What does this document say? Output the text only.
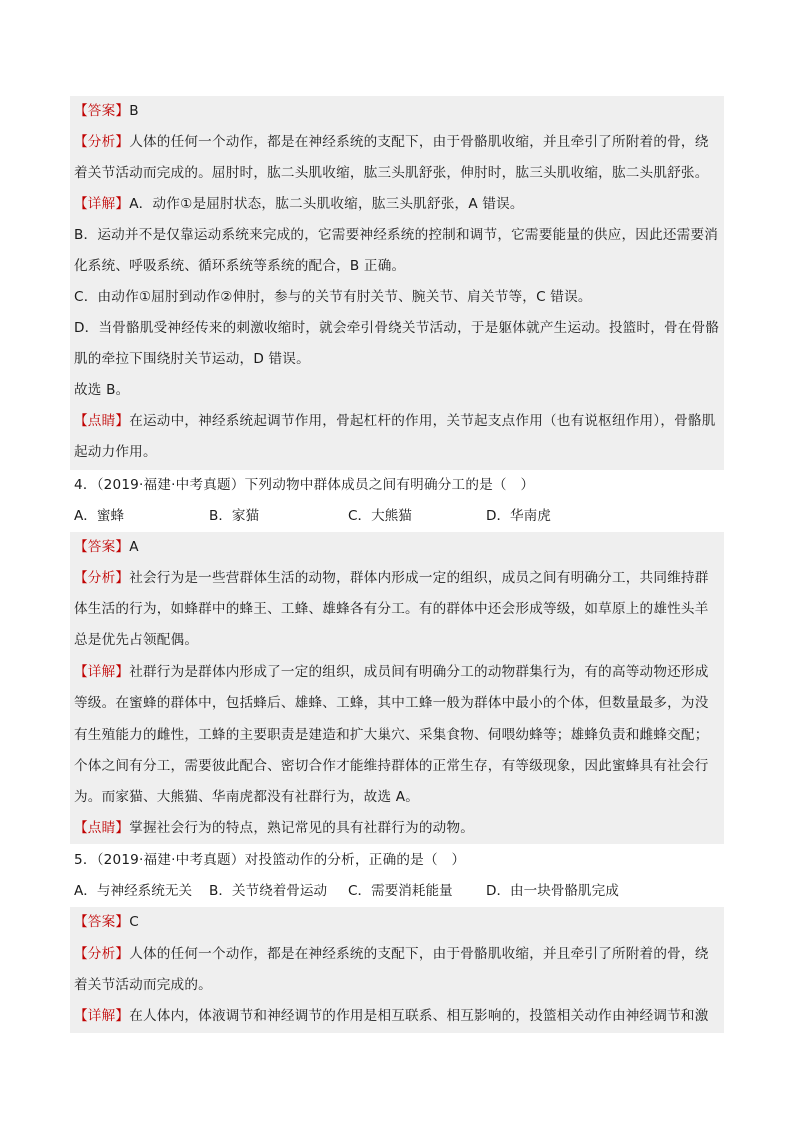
【答案】B
【分析】人体的任何一个动作，都是在神经系统的支配下，由于骨骼肌收缩，并且牵引了所附着的骨，绕
着关节活动而完成的。屈肘时，肱二头肌收缩，肱三头肌舒张，伸肘时，肱三头肌收缩，肱二头肌舒张。
【详解】A．动作①是屈肘状态，肱二头肌收缩，肱三头肌舒张，A 错误。
B．运动并不是仅靠运动系统来完成的，它需要神经系统的控制和调节，它需要能量的供应，因此还需要消
化系统、呼吸系统、循环系统等系统的配合，B 正确。
C．由动作①屈肘到动作②伸肘，参与的关节有肘关节、腕关节、肩关节等，C 错误。
D．当骨骼肌受神经传来的刺激收缩时，就会牵引骨绕关节活动，于是躯体就产生运动。投篮时，骨在骨骼
肌的牵拉下围绕肘关节运动，D 错误。
故选 B。
【点睛】在运动中，神经系统起调节作用，骨起杠杆的作用，关节起支点作用（也有说枢纽作用），骨骼肌
起动力作用。
4．（2019·福建·中考真题）下列动物中群体成员之间有明确分工的是（　）
A．蜜蜂	B．家猫	C．大熊猫	D．华南虎
【答案】A
【分析】社会行为是一些营群体生活的动物，群体内形成一定的组织，成员之间有明确分工，共同维持群
体生活的行为，如蜂群中的蜂王、工蜂、雄蜂各有分工。有的群体中还会形成等级，如草原上的雄性头羊
总是优先占领配偶。
【详解】社群行为是群体内形成了一定的组织，成员间有明确分工的动物群集行为，有的高等动物还形成
等级。在蜜蜂的群体中，包括蜂后、雄蜂、工蜂，其中工蜂一般为群体中最小的个体，但数量最多，为没
有生殖能力的雌性，工蜂的主要职责是建造和扩大巢穴、采集食物、伺喂幼蜂等；雄蜂负责和雌蜂交配；
个体之间有分工，需要彼此配合、密切合作才能维持群体的正常生存，有等级现象，因此蜜蜂具有社会行
为。而家猫、大熊猫、华南虎都没有社群行为，故选 A。
【点睛】掌握社会行为的特点，熟记常见的具有社群行为的动物。
5．（2019·福建·中考真题）对投篮动作的分析，正确的是（　）
A．与神经系统无关 B．关节绕着骨运动 C．需要消耗能量 D．由一块骨骼肌完成
【答案】C
【分析】人体的任何一个动作，都是在神经系统的支配下，由于骨骼肌收缩，并且牵引了所附着的骨，绕
着关节活动而完成的。
【详解】在人体内，体液调节和神经调节的作用是相互联系、相互影响的，投篮相关动作由神经调节和激
